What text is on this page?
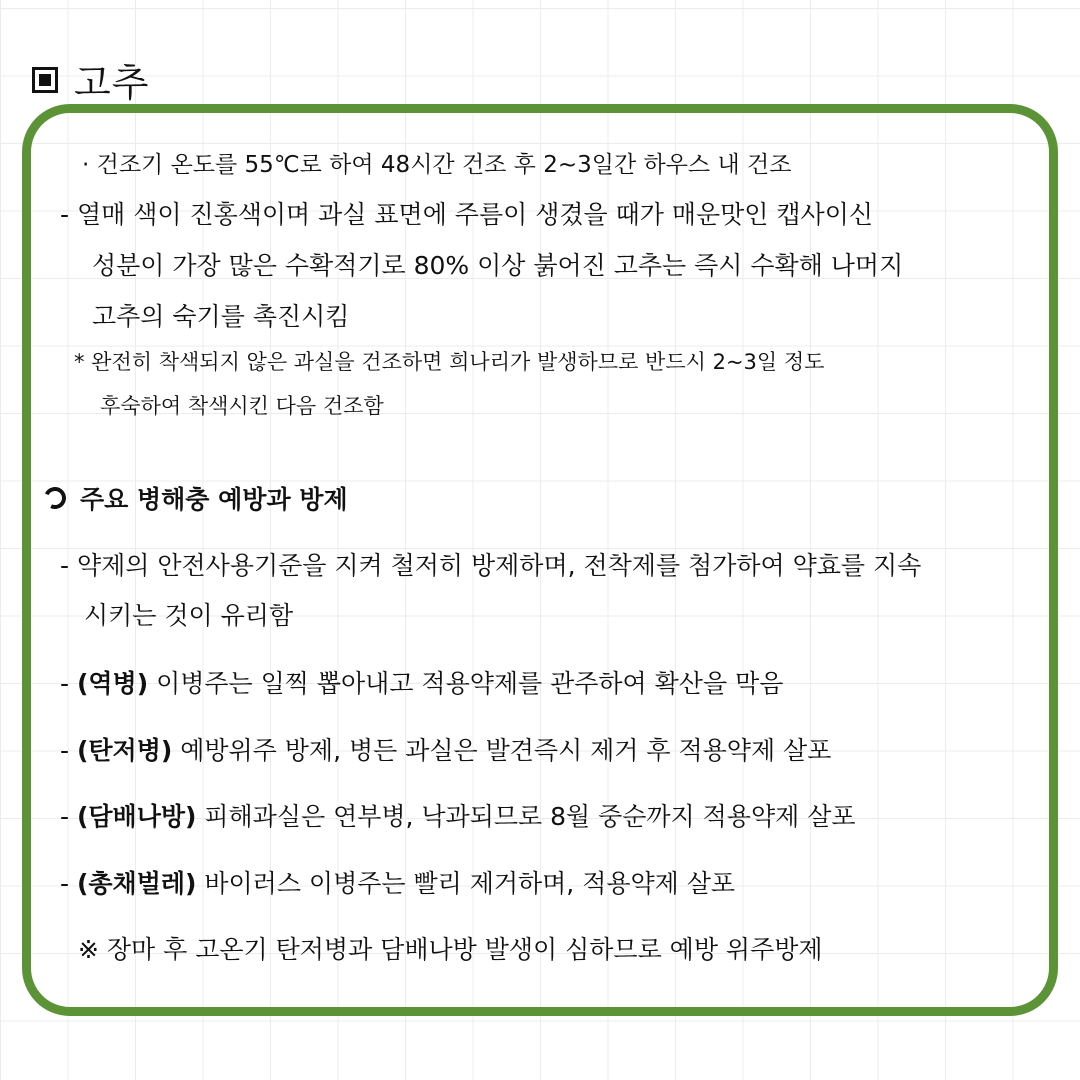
고추
· 건조기 온도를 55℃로 하여 48시간 건조 후 2~3일간 하우스 내 건조
- 열매 색이 진홍색이며 과실 표면에 주름이 생겼을 때가 매운맛인 캡사이신
성분이 가장 많은 수확적기로 80% 이상 붉어진 고추는 즉시 수확해 나머지
고추의 숙기를 촉진시킴
* 완전히 착색되지 않은 과실을 건조하면 희나리가 발생하므로 반드시 2~3일 정도
후숙하여 착색시킨 다음 건조함
주요 병해충 예방과 방제
- 약제의 안전사용기준을 지켜 철저히 방제하며, 전착제를 첨가하여 약효를 지속
시키는 것이 유리함
- (역병) 이병주는 일찍 뽑아내고 적용약제를 관주하여 확산을 막음
- (탄저병) 예방위주 방제, 병든 과실은 발견즉시 제거 후 적용약제 살포
- (담배나방) 피해과실은 연부병, 낙과되므로 8월 중순까지 적용약제 살포
- (총채벌레) 바이러스 이병주는 빨리 제거하며, 적용약제 살포
※ 장마 후 고온기 탄저병과 담배나방 발생이 심하므로 예방 위주방제
